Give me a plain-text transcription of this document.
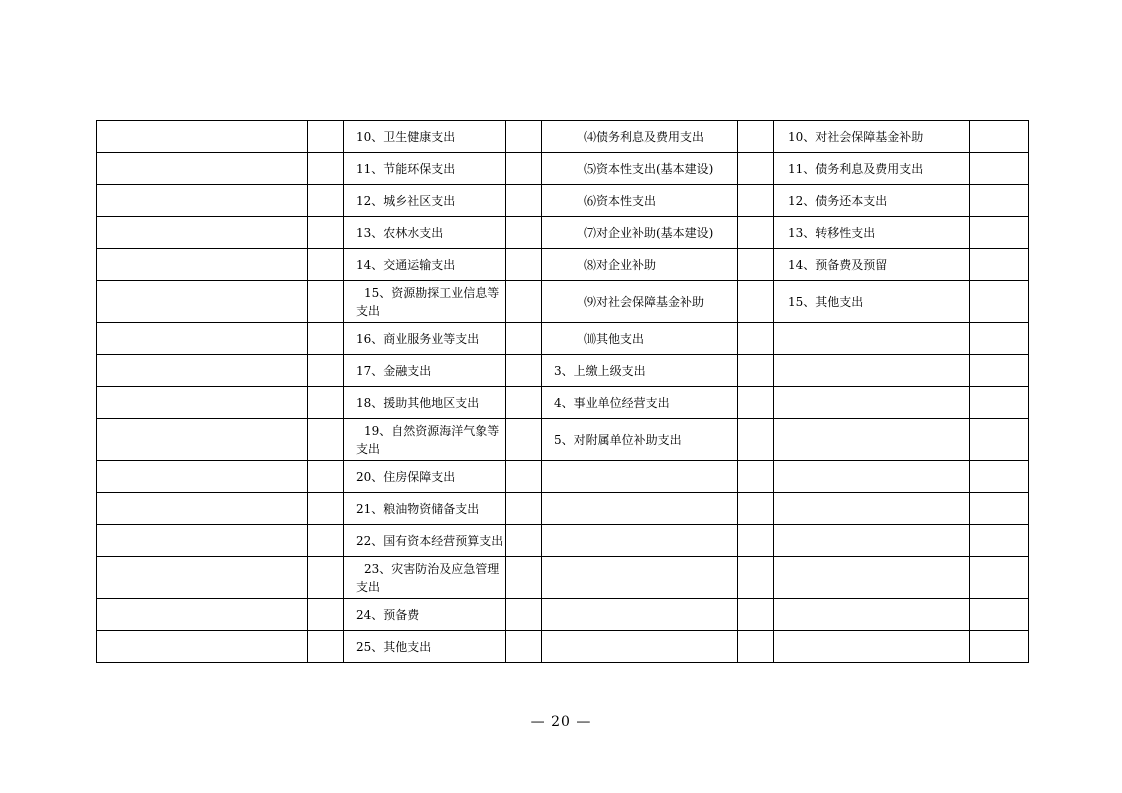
		10、卫生健康支出		⑷债务利息及费用支出		10、对社会保障基金补助	
		11、节能环保支出		⑸资本性支出(基本建设)		11、债务利息及费用支出	
		12、城乡社区支出		⑹资本性支出		12、债务还本支出	
		13、农林水支出		⑺对企业补助(基本建设)		13、转移性支出	
		14、交通运输支出		⑻对企业补助		14、预备费及预留	

		15、资源勘探工业信息等支出		⑼对社会保障基金补助		15、其他支出	
		16、商业服务业等支出		⑽其他支出			
		17、金融支出		3、上缴上级支出			
		18、援助其他地区支出		4、事业单位经营支出			

		19、自然资源海洋气象等支出		5、对附属单位补助支出			
		20、住房保障支出					
		21、粮油物资储备支出					
		22、国有资本经营预算支出					

		23、灾害防治及应急管理支出					

		24、预备费					
		25、其他支出					
— 20 —
